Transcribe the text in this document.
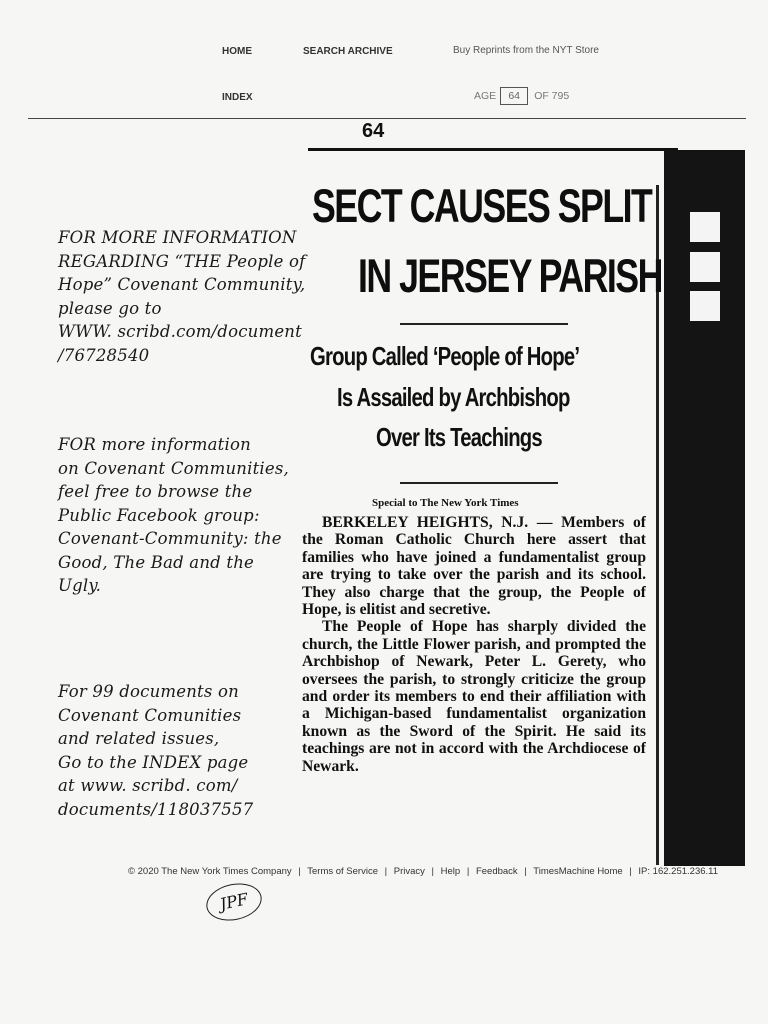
HOME	SEARCH ARCHIVE	Buy Reprints from the NYT Store
INDEX	AGE	64	OF 795
64
SECT CAUSES SPLIT
IN JERSEY PARISH
Group Called ‘People of Hope’
Is Assailed by Archbishop
Over Its Teachings
Special to The New York Times

BERKELEY HEIGHTS, N.J. — Members of the Roman Catholic Church here assert that families who have joined a fundamentalist group are trying to take over the parish and its school. They also charge that the group, the People of Hope, is elitist and secretive.

The People of Hope has sharply divided the church, the Little Flower parish, and prompted the Archbishop of Newark, Peter L. Gerety, who oversees the parish, to strongly criticize the group and order its members to end their affiliation with a Michigan-based fundamentalist organization known as the Sword of the Spirit. He said its teachings are not in accord with the Archdiocese of Newark.

FOR MORE INFORMATION
REGARDING “THE People of
Hope” Covenant Community,
please go to
WWW. scribd.com/document
/76728540
FOR more information
on Covenant Communities,
feel free to browse the
Public Facebook group:
Covenant-Community: the
Good, The Bad and the
Ugly.
For 99 documents on
Covenant Comunities
and related issues,
Go to the INDEX page
at www. scribd. com/
documents/118037557
© 2020 The New York Times Company | Terms of Service | Privacy | Help | Feedback | TimesMachine Home | IP: 162.251.236.11
JPF
